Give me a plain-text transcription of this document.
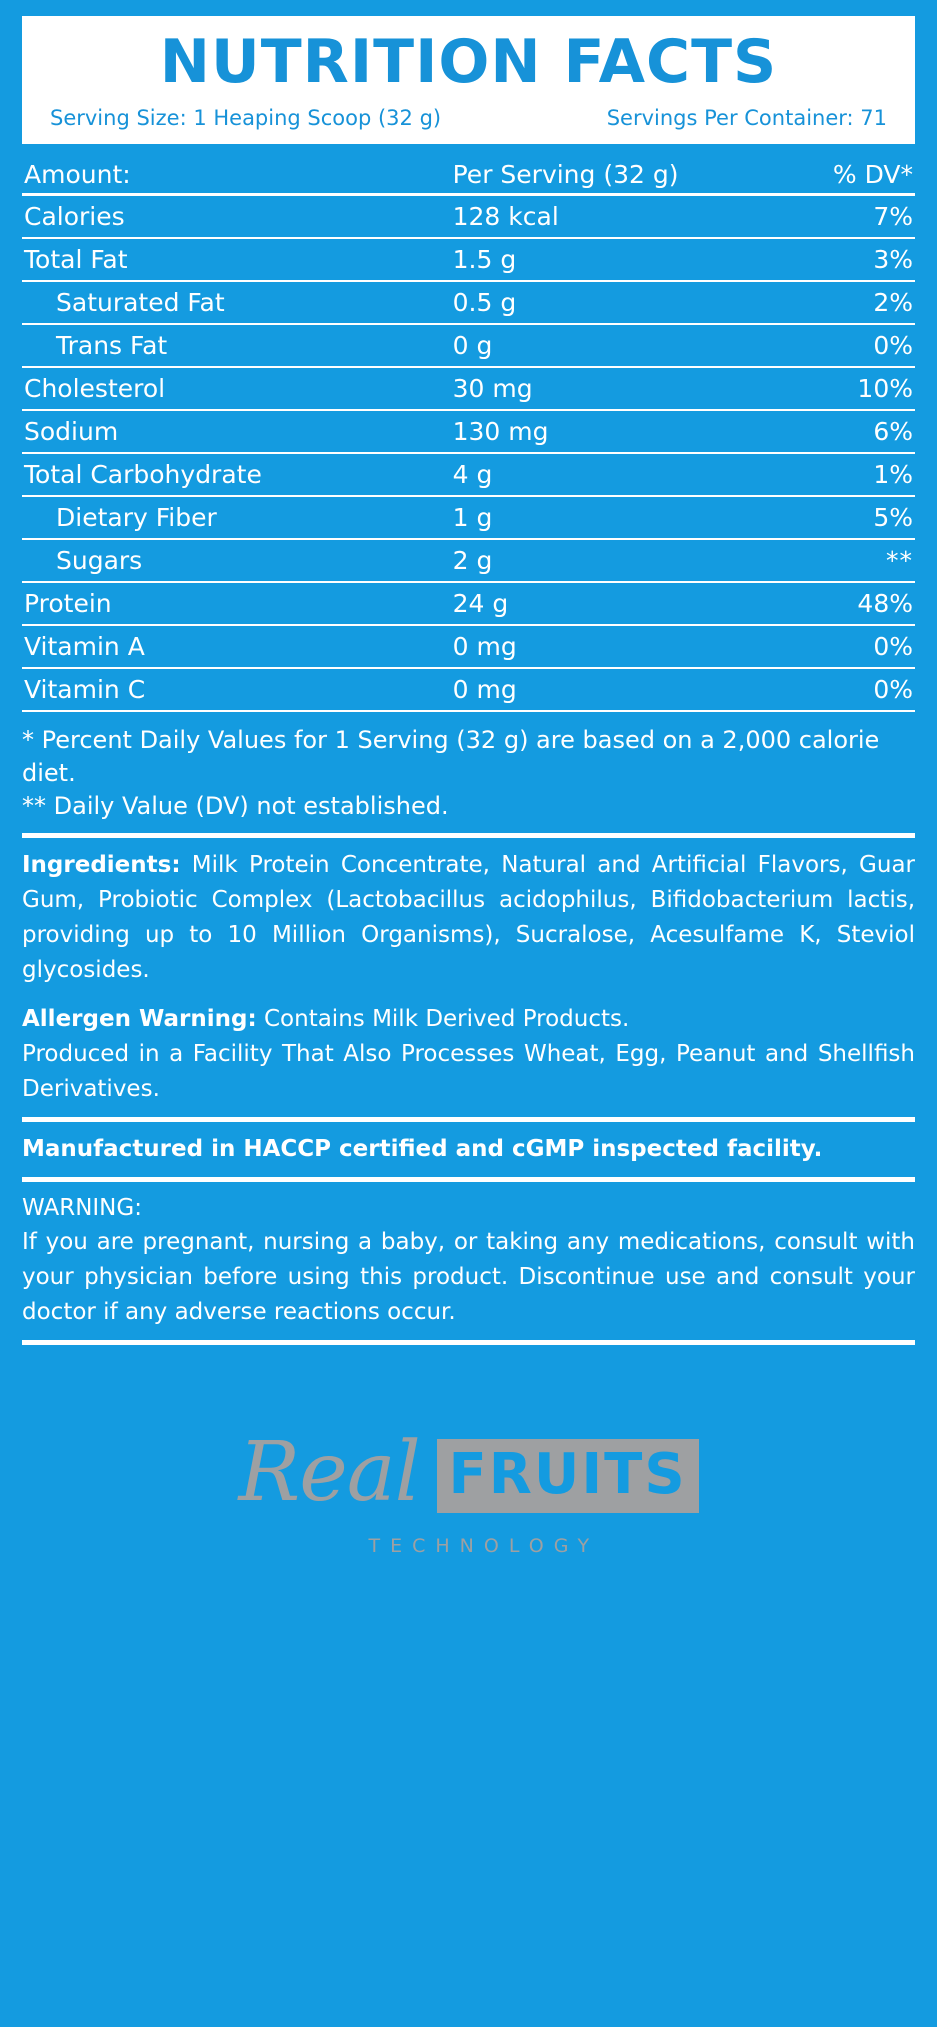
NUTRITION FACTS
Serving Size: 1 Heaping Scoop (32 g)	Servings Per Container: 71
Amount:	Per Serving (32 g)	% DV*
Calories	128 kcal	7%
Total Fat	1.5 g	3%
Saturated Fat	0.5 g	2%
Trans Fat	0 g	0%
Cholesterol	30 mg	10%
Sodium	130 mg	6%
Total Carbohydrate	4 g	1%
Dietary Fiber	1 g	5%
Sugars	2 g	**
Protein	24 g	48%
Vitamin A	0 mg	0%
Vitamin C	0 mg	0%
* Percent Daily Values for 1 Serving (32 g) are based on a 2,000 calorie diet.
** Daily Value (DV) not established.
Ingredients: Milk Protein Concentrate, Natural and Artificial Flavors, Guar Gum, Probiotic Complex (Lactobacillus acidophilus, Bifidobacterium lactis, providing up to 10 Million Organisms), Sucralose, Acesulfame K, Steviol glycosides.
Allergen Warning: Contains Milk Derived Products.
Produced in a Facility That Also Processes Wheat, Egg, Peanut and Shellfish Derivatives.
Manufactured in HACCP certified and cGMP inspected facility.
WARNING:
If you are pregnant, nursing a baby, or taking any medications, consult with your physician before using this product. Discontinue use and consult your doctor if any adverse reactions occur.
Real FRUITS
TECHNOLOGY
